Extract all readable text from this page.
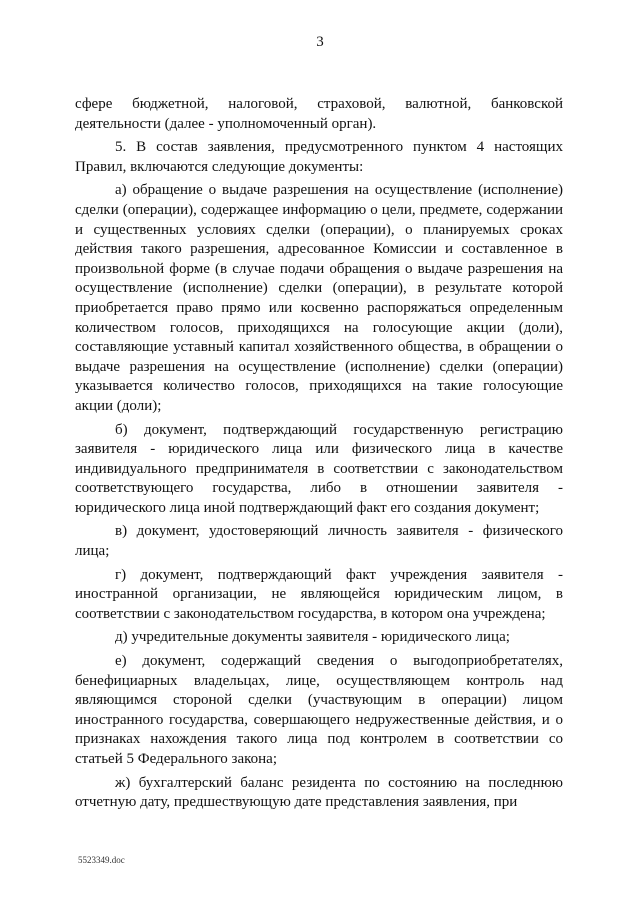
3

сфере бюджетной, налоговой, страховой, валютной, банковской деятельности (далее - уполномоченный орган).

5. В состав заявления, предусмотренного пунктом 4 настоящих Правил, включаются следующие документы:

а) обращение о выдаче разрешения на осуществление (исполнение) сделки (операции), содержащее информацию о цели, предмете, содержании и существенных условиях сделки (операции), о планируемых сроках действия такого разрешения, адресованное Комиссии и составленное в произвольной форме (в случае подачи обращения о выдаче разрешения на осуществление (исполнение) сделки (операции), в результате которой приобретается право прямо или косвенно распоряжаться определенным количеством голосов, приходящихся на голосующие акции (доли), составляющие уставный капитал хозяйственного общества, в обращении о выдаче разрешения на осуществление (исполнение) сделки (операции) указывается количество голосов, приходящихся на такие голосующие акции (доли);

б) документ, подтверждающий государственную регистрацию заявителя - юридического лица или физического лица в качестве индивидуального предпринимателя в соответствии с законодательством соответствующего государства, либо в отношении заявителя - юридического лица иной подтверждающий факт его создания документ;

в) документ, удостоверяющий личность заявителя - физического лица;

г) документ, подтверждающий факт учреждения заявителя - иностранной организации, не являющейся юридическим лицом, в соответствии с законодательством государства, в котором она учреждена;

д) учредительные документы заявителя - юридического лица;

е) документ, содержащий сведения о выгодоприобретателях, бенефициарных владельцах, лице, осуществляющем контроль над являющимся стороной сделки (участвующим в операции) лицом иностранного государства, совершающего недружественные действия, и о признаках нахождения такого лица под контролем в соответствии со статьей 5 Федерального закона;

ж) бухгалтерский баланс резидента по состоянию на последнюю отчетную дату, предшествующую дате представления заявления, при

5523349.doc
